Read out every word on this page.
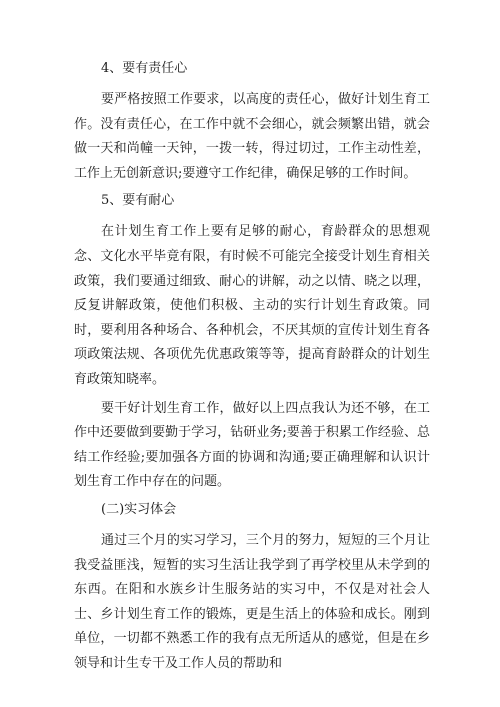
4、要有责任心

要严格按照工作要求，以高度的责任心，做好计划生育工作。没有责任心，在工作中就不会细心，就会频繁出错，就会做一天和尚幢一天钟，一拨一转，得过切过，工作主动性差，工作上无创新意识;要遵守工作纪律，确保足够的工作时间。

5、要有耐心

在计划生育工作上要有足够的耐心，育龄群众的思想观念、文化水平毕竟有限，有时候不可能完全接受计划生育相关政策，我们要通过细致、耐心的讲解，动之以情、晓之以理，反复讲解政策，使他们积极、主动的实行计划生育政策。同时，要利用各种场合、各种机会，不厌其烦的宣传计划生育各项政策法规、各项优先优惠政策等等，提高育龄群众的计划生育政策知晓率。

要干好计划生育工作，做好以上四点我认为还不够，在工作中还要做到要勤于学习，钻研业务;要善于积累工作经验、总结工作经验;要加强各方面的协调和沟通;要正确理解和认识计划生育工作中存在的问题。

(二)实习体会

通过三个月的实习学习，三个月的努力，短短的三个月让我受益匪浅，短暂的实习生活让我学到了再学校里从未学到的东西。在阳和水族乡计生服务站的实习中，不仅是对社会人士、乡计划生育工作的锻炼，更是生活上的体验和成长。刚到单位，一切都不熟悉工作的我有点无所适从的感觉，但是在乡领导和计生专干及工作人员的帮助和
